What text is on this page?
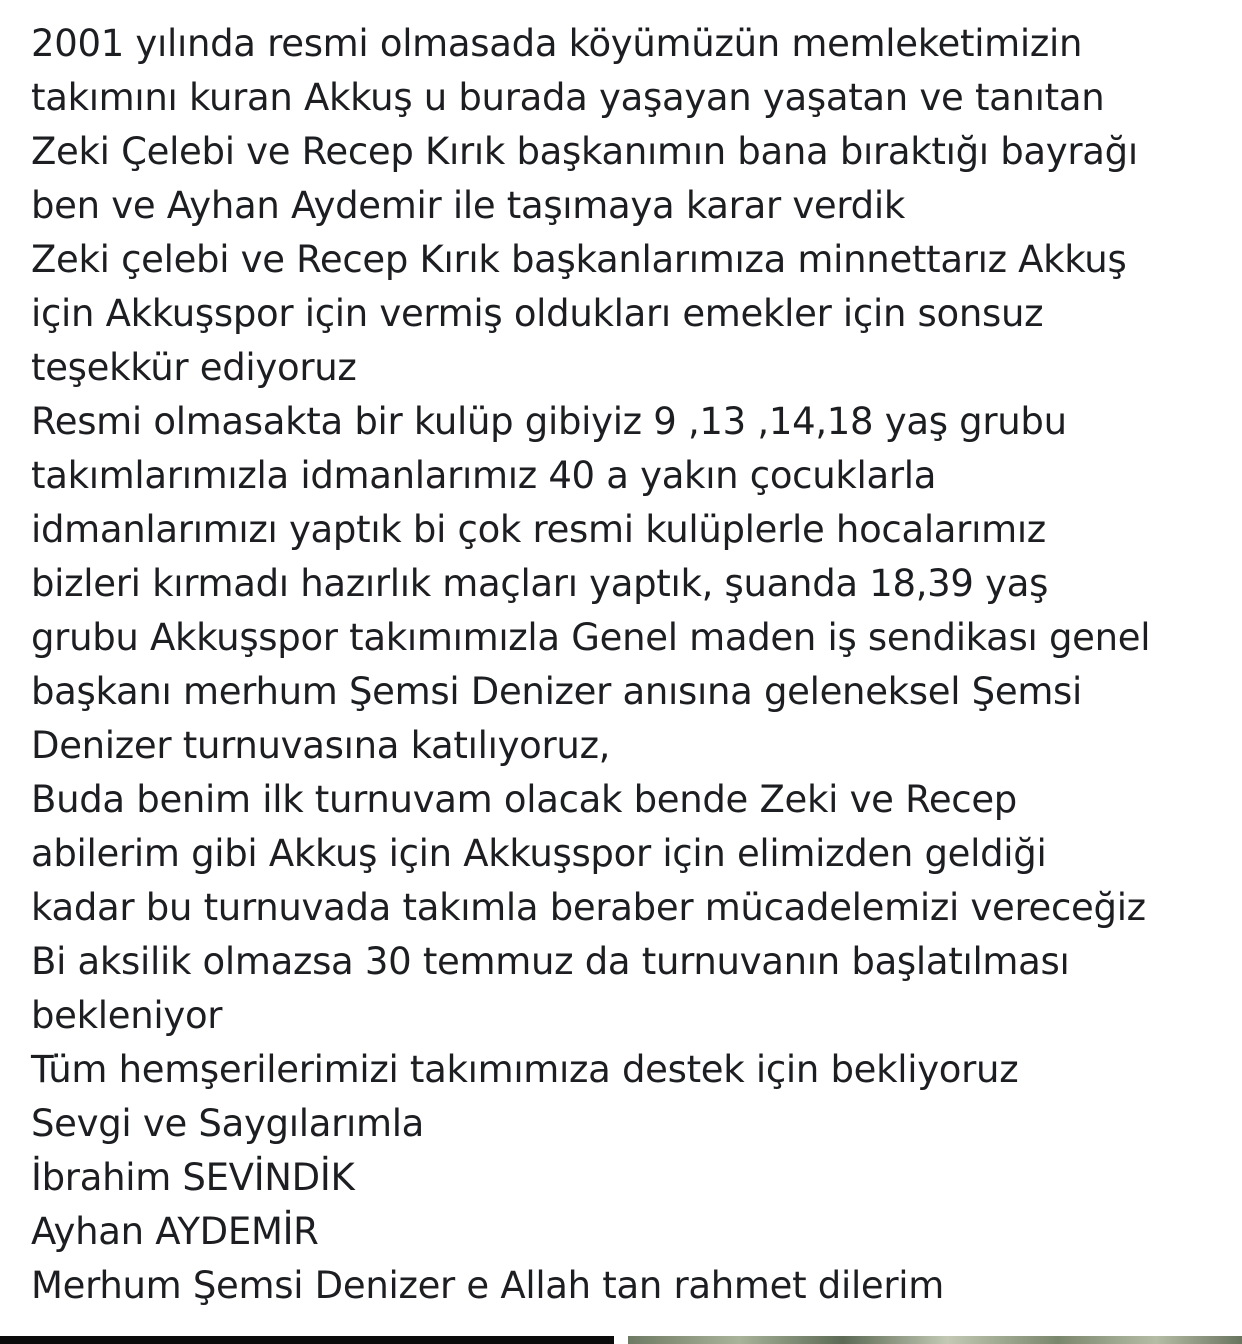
2001 yılında resmi olmasada köyümüzün memleketimizin
takımını kuran Akkuş u burada yaşayan yaşatan ve tanıtan
Zeki Çelebi ve Recep Kırık başkanımın bana bıraktığı bayrağı
ben ve Ayhan Aydemir ile taşımaya karar verdik
Zeki çelebi ve Recep Kırık başkanlarımıza minnettarız Akkuş
için Akkuşspor için vermiş oldukları emekler için sonsuz
teşekkür ediyoruz
Resmi olmasakta bir kulüp gibiyiz 9 ,13 ,14,18 yaş grubu
takımlarımızla idmanlarımız 40 a yakın çocuklarla
idmanlarımızı yaptık bi çok resmi kulüplerle hocalarımız
bizleri kırmadı hazırlık maçları yaptık, şuanda 18,39 yaş
grubu Akkuşspor takımımızla Genel maden iş sendikası genel
başkanı merhum Şemsi Denizer anısına geleneksel Şemsi
Denizer turnuvasına katılıyoruz,
Buda benim ilk turnuvam olacak bende Zeki ve Recep
abilerim gibi Akkuş için Akkuşspor için elimizden geldiği
kadar bu turnuvada takımla beraber mücadelemizi vereceğiz
Bi aksilik olmazsa 30 temmuz da turnuvanın başlatılması
bekleniyor
Tüm hemşerilerimizi takımımıza destek için bekliyoruz
Sevgi ve Saygılarımla
İbrahim SEVİNDİK
Ayhan AYDEMİR
Merhum Şemsi Denizer e Allah tan rahmet dilerim
